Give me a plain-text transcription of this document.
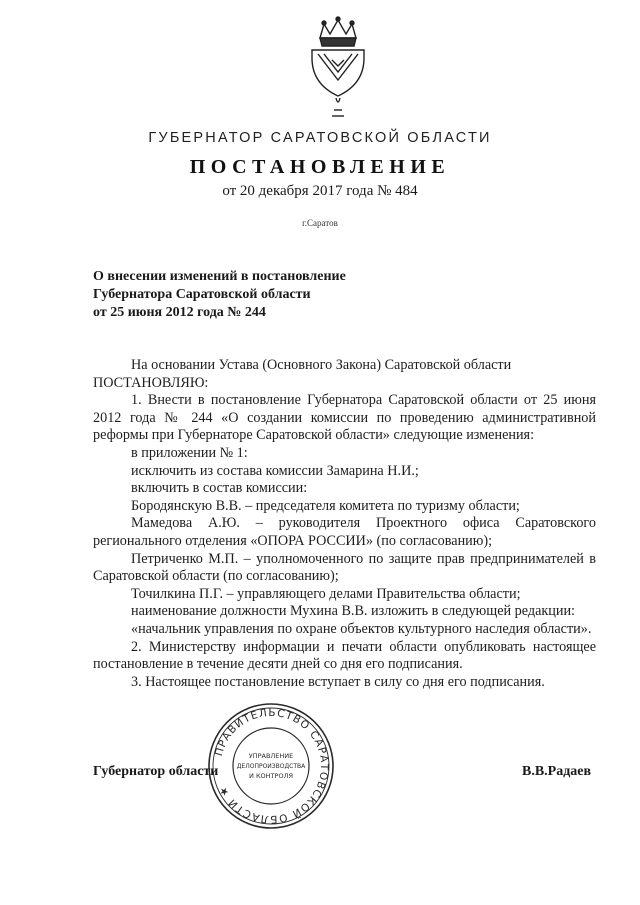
ГУБЕРНАТОР САРАТОВСКОЙ ОБЛАСТИ
ПОСТАНОВЛЕНИЕ
от 20 декабря 2017 года № 484
г.Саратов
О внесении изменений в постановление
Губернатора Саратовской области
от 25 июня 2012 года № 244

На основании Устава (Основного Закона) Саратовской области

ПОСТАНОВЛЯЮ:

1. Внести в постановление Губернатора Саратовской области от 25 июня 2012 года № 244 «О создании комиссии по проведению административной реформы при Губернаторе Саратовской области» следующие изменения:

в приложении № 1:

исключить из состава комиссии Замарина Н.И.;

включить в состав комиссии:

Бородянскую В.В. – председателя комитета по туризму области;

Мамедова А.Ю. – руководителя Проектного офиса Саратовского регионального отделения «ОПОРА РОССИИ» (по согласованию);

Петриченко М.П. – уполномоченного по защите прав предпринимателей в Саратовской области (по согласованию);

Точилкина П.Г. – управляющего делами Правительства области;

наименование должности Мухина В.В. изложить в следующей редакции:

«начальник управления по охране объектов культурного наследия области».

2. Министерству информации и печати области опубликовать настоящее постановление в течение десяти дней со дня его подписания.

3. Настоящее постановление вступает в силу со дня его подписания.

Губернатор области	В.В.Радаев
ПРАВИТЕЛЬСТВО САРАТОВСКОЙ ОБЛАСТИ ★
УПРАВЛЕНИЕ
ДЕЛОПРОИЗВОДСТВА
И КОНТРОЛЯ
